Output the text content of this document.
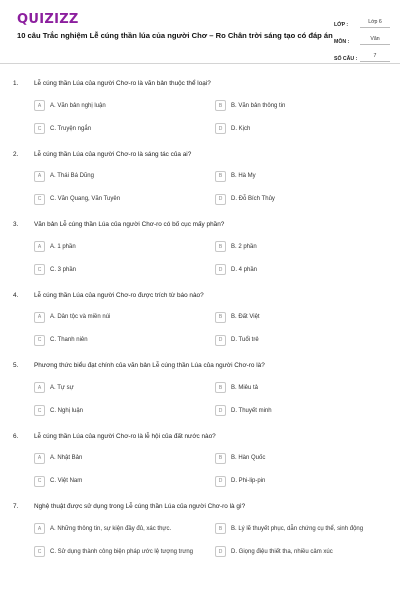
QUIZIZZ
10 câu Trắc nghiệm Lễ cúng thần lúa của người Chơ – Ro Chân trời sáng tạo có đáp án
LỚP :	Lớp 6
MÔN :	Văn
SỐ CÂU :	7
1. Lễ cúng thần Lúa của người Chơ-ro là văn bản thuộc thể loại?
A	A. Văn bản nghị luận	B	B. Văn bản thông tin
C	C. Truyện ngắn	D	D. Kịch
2. Lễ cúng thần Lúa của người Chơ-ro là sáng tác của ai?
A	A. Thái Bá Dũng	B	B. Hà My
C	C. Văn Quang, Văn Tuyên	D	D. Đỗ Bích Thủy
3. Văn bản Lễ cúng thần Lúa của người Chơ-ro có bố cục mấy phần?
A	A. 1 phần	B	B. 2 phần
C	C. 3 phần	D	D. 4 phần
4. Lễ cúng thần Lúa của người Chơ-ro được trích từ báo nào?
A	A. Dân tộc và miền núi	B	B. Đất Việt
C	C. Thanh niên	D	D. Tuổi trẻ
5. Phương thức biểu đạt chính của văn bản Lễ cúng thần Lúa của người Chơ-ro là?
A	A. Tự sự	B	B. Miêu tả
C	C. Nghị luận	D	D. Thuyết minh
6. Lễ cúng thần Lúa của người Chơ-ro là lễ hội của đất nước nào?
A	A. Nhật Bản	B	B. Hàn Quốc
C	C. Việt Nam	D	D. Phi-lip-pin
7. Nghệ thuật được sử dụng trong Lễ cúng thần Lúa của người Chơ-ro là gì?
A	A. Những thông tin, sự kiện đầy đủ, xác thực.	B	B. Lý lẽ thuyết phục, dẫn chứng cụ thể, sinh động
C	C. Sử dụng thành công biện pháp ước lệ tượng trưng	D	D. Giọng điệu thiết tha, nhiều cảm xúc
